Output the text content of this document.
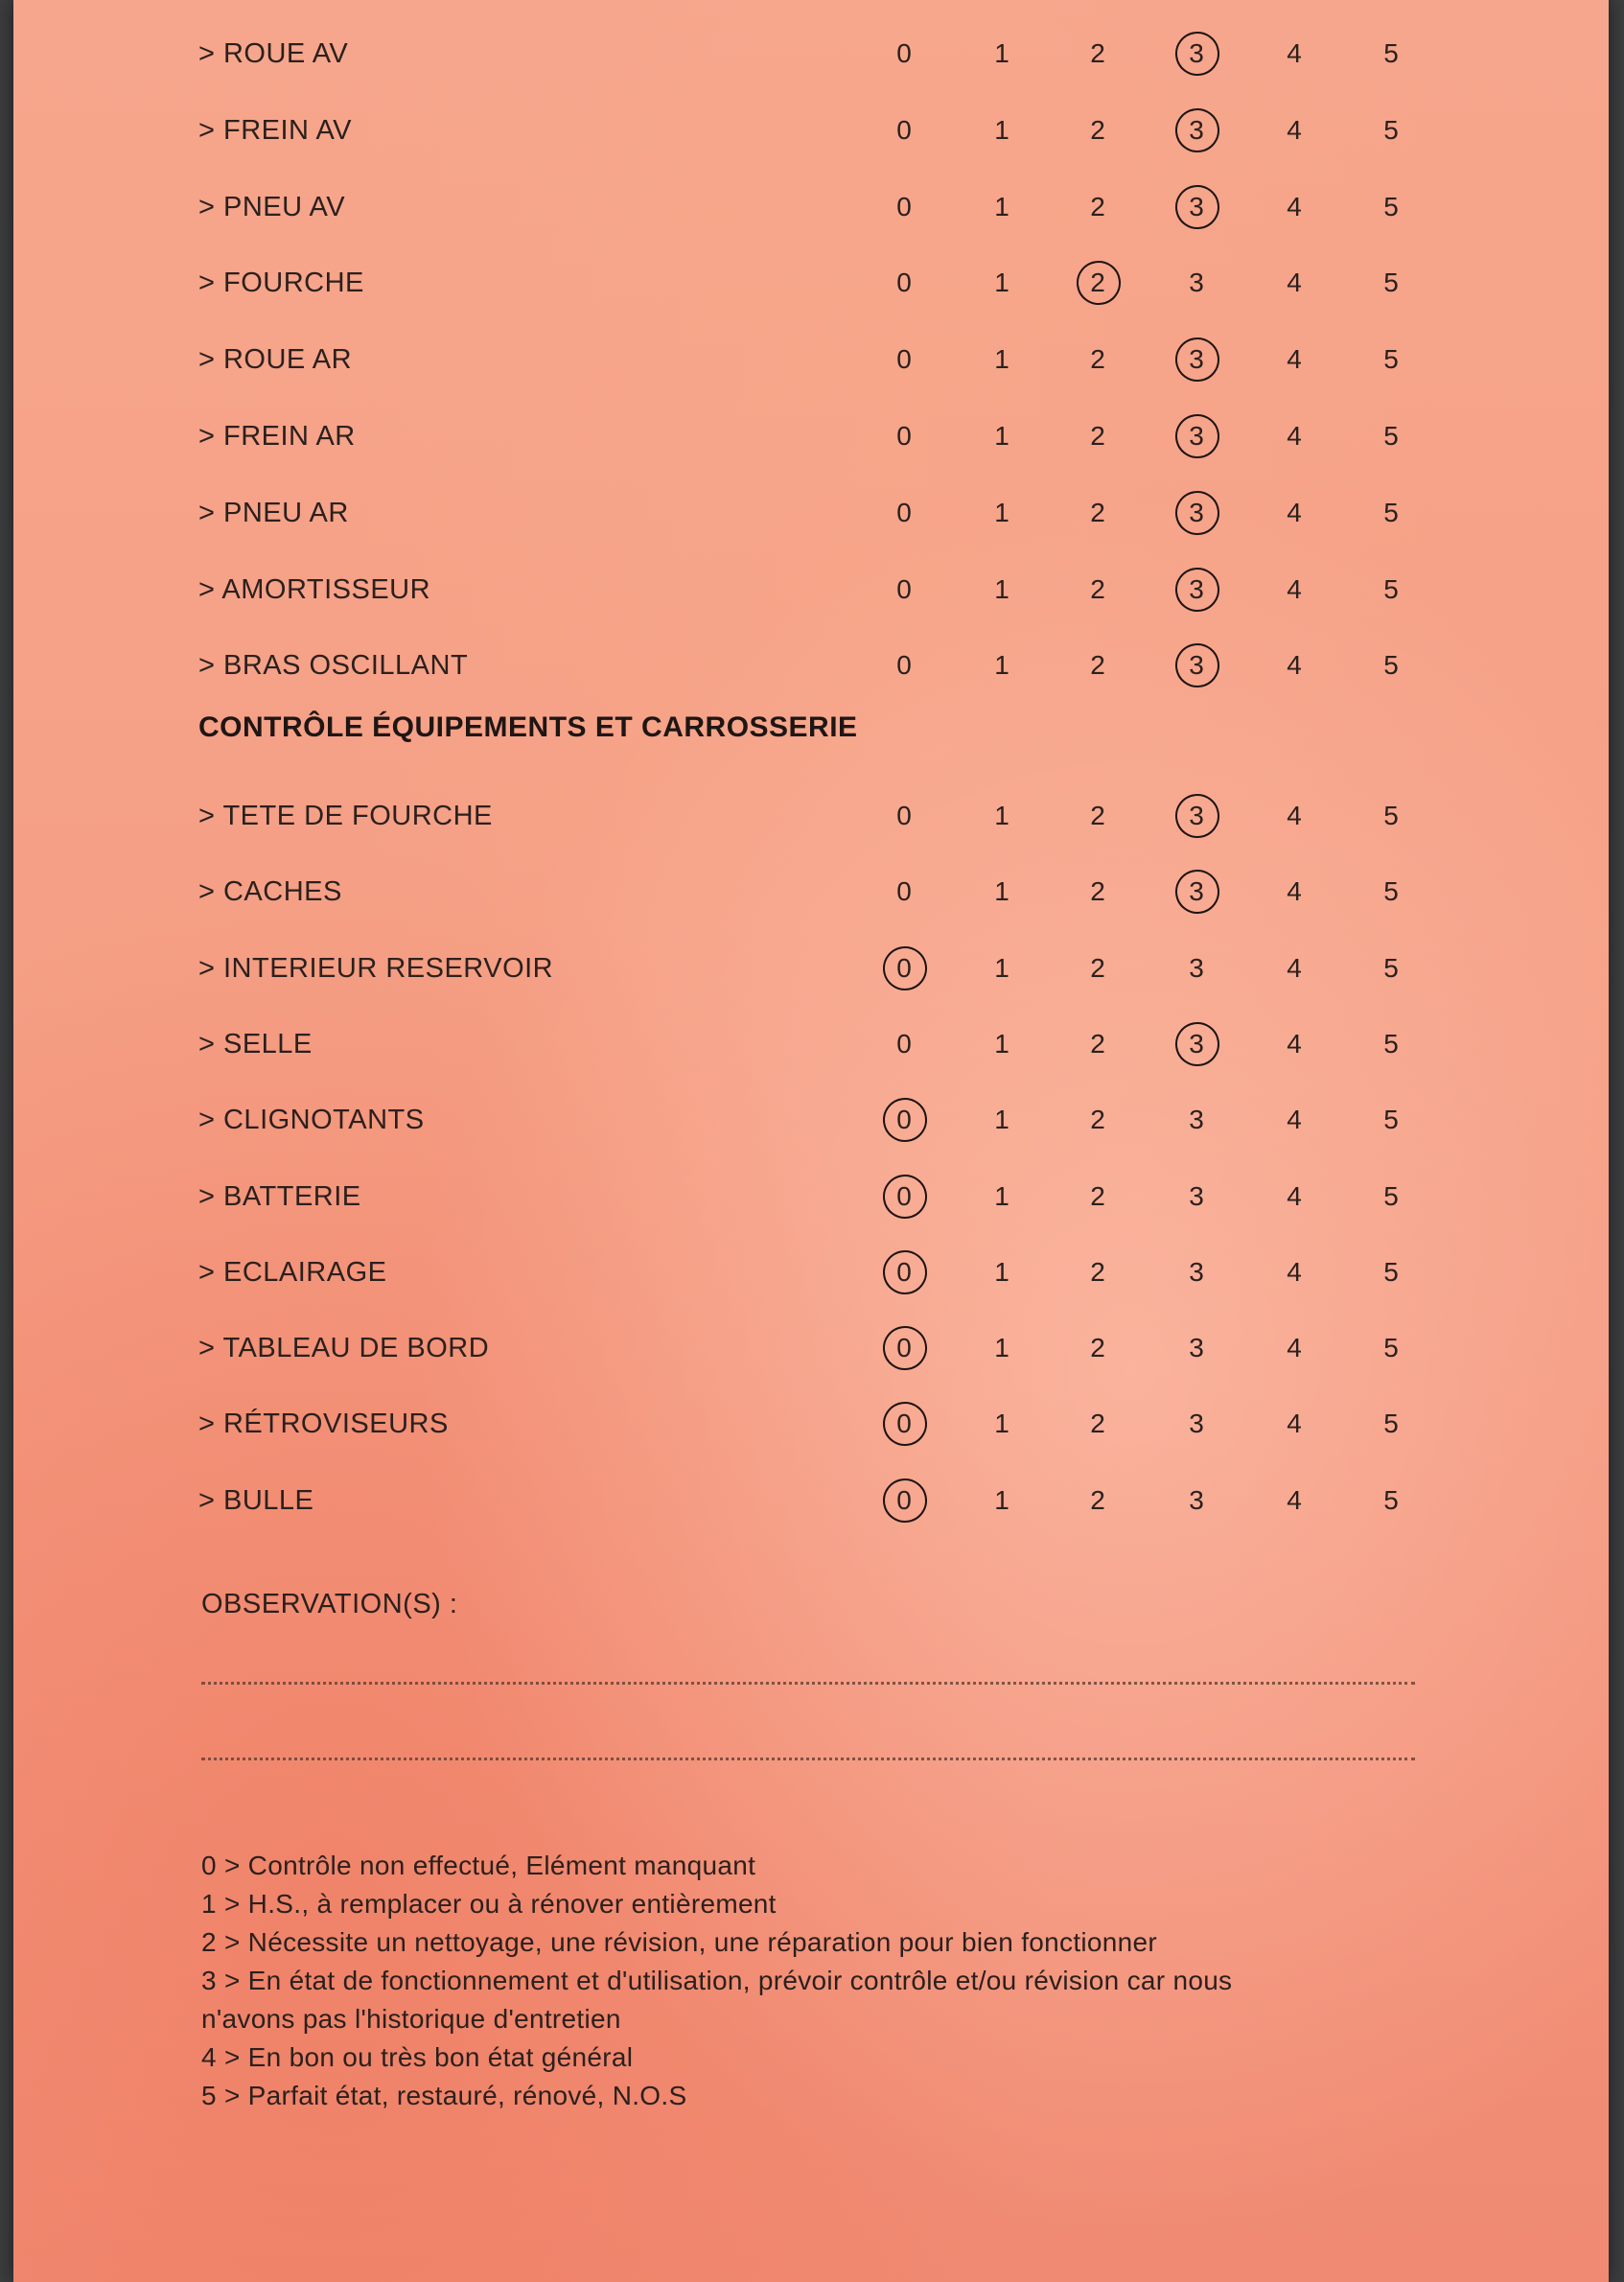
> ROUE AV	0	1	2	3	4	5
> FREIN AV	0	1	2	3	4	5
> PNEU AV	0	1	2	3	4	5
> FOURCHE	0	1	2	3	4	5
> ROUE AR	0	1	2	3	4	5
> FREIN AR	0	1	2	3	4	5
> PNEU AR	0	1	2	3	4	5
> AMORTISSEUR	0	1	2	3	4	5
> BRAS OSCILLANT	0	1	2	3	4	5
CONTRÔLE ÉQUIPEMENTS ET CARROSSERIE
> TETE DE FOURCHE	0	1	2	3	4	5
> CACHES	0	1	2	3	4	5
> INTERIEUR RESERVOIR	0	1	2	3	4	5
> SELLE	0	1	2	3	4	5
> CLIGNOTANTS	0	1	2	3	4	5
> BATTERIE	0	1	2	3	4	5
> ECLAIRAGE	0	1	2	3	4	5
> TABLEAU DE BORD	0	1	2	3	4	5
> RÉTROVISEURS	0	1	2	3	4	5
> BULLE	0	1	2	3	4	5
OBSERVATION(S) :
0 > Contrôle non effectué, Elément manquant
1 > H.S., à remplacer ou à rénover entièrement
2 > Nécessite un nettoyage, une révision, une réparation pour bien fonctionner
3 > En état de fonctionnement et d'utilisation, prévoir contrôle et/ou révision car nous
n'avons pas l'historique d'entretien
4 > En bon ou très bon état général
5 > Parfait état, restauré, rénové, N.O.S
